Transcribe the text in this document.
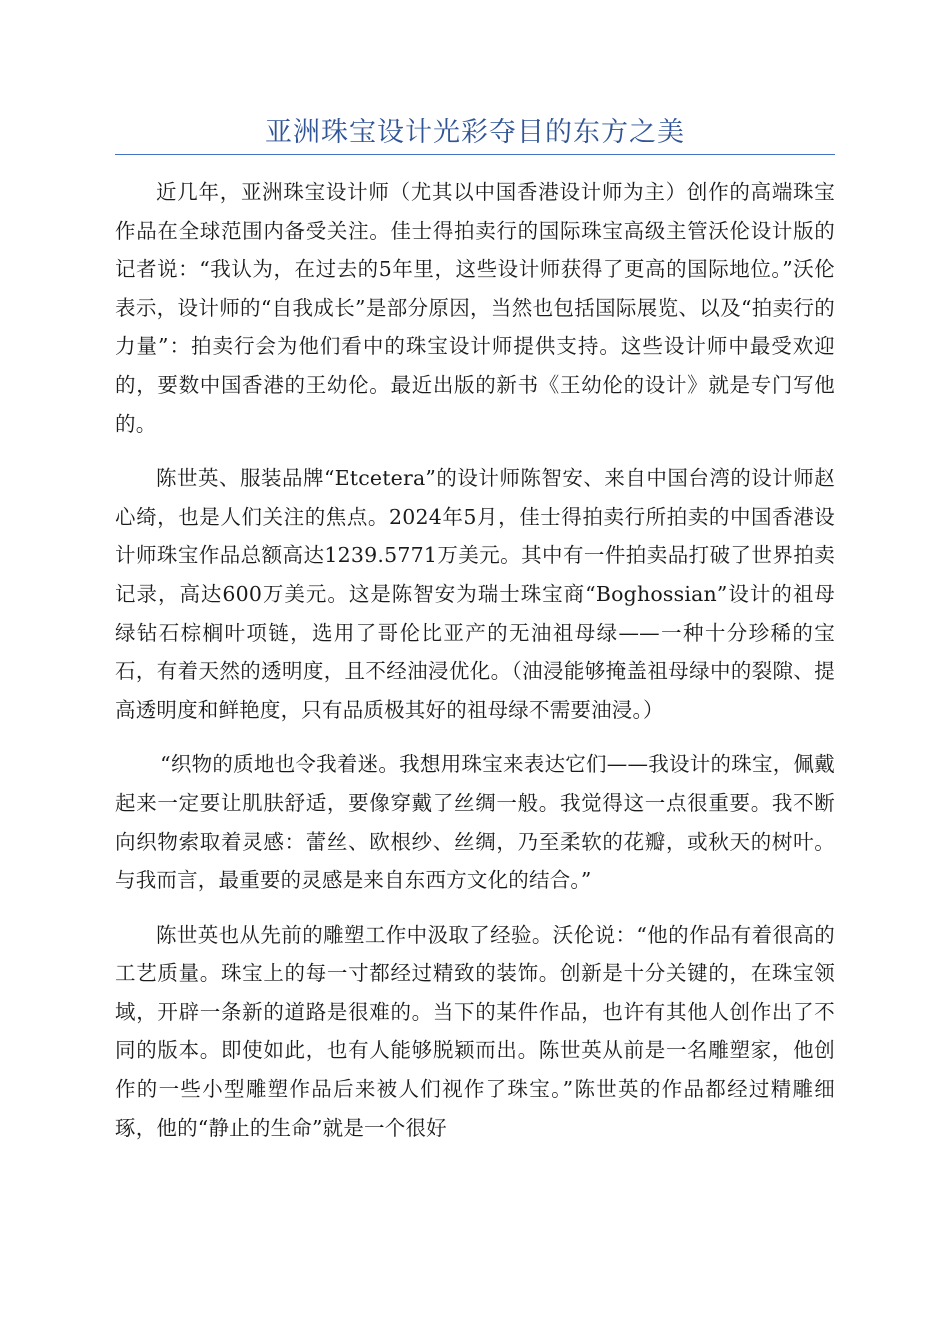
亚洲珠宝设计光彩夺目的东方之美

近几年，亚洲珠宝设计师（尤其以中国香港设计师为主）创作的高端珠宝作品在全球范围内备受关注。佳士得拍卖行的国际珠宝高级主管沃伦设计版的记者说：“我认为，在过去的5年里，这些设计师获得了更高的国际地位。”沃伦表示，设计师的“自我成长”是部分原因，当然也包括国际展览、以及“拍卖行的力量”：拍卖行会为他们看中的珠宝设计师提供支持。这些设计师中最受欢迎的，要数中国香港的王幼伦。最近出版的新书《王幼伦的设计》就是专门写他的。

陈世英、服装品牌“Etcetera”的设计师陈智安、来自中国台湾的设计师赵心绮，也是人们关注的焦点。2024年5月，佳士得拍卖行所拍卖的中国香港设计师珠宝作品总额高达1239.5771万美元。其中有一件拍卖品打破了世界拍卖记录，高达600万美元。这是陈智安为瑞士珠宝商“Boghossian”设计的祖母绿钻石棕榈叶项链，选用了哥伦比亚产的无油祖母绿——一种十分珍稀的宝石，有着天然的透明度，且不经油浸优化。（油浸能够掩盖祖母绿中的裂隙、提高透明度和鲜艳度，只有品质极其好的祖母绿不需要油浸。）

“织物的质地也令我着迷。我想用珠宝来表达它们——我设计的珠宝，佩戴起来一定要让肌肤舒适，要像穿戴了丝绸一般。我觉得这一点很重要。我不断向织物索取着灵感：蕾丝、欧根纱、丝绸，乃至柔软的花瓣，或秋天的树叶。与我而言，最重要的灵感是来自东西方文化的结合。”

陈世英也从先前的雕塑工作中汲取了经验。沃伦说：“他的作品有着很高的工艺质量。珠宝上的每一寸都经过精致的装饰。创新是十分关键的，在珠宝领域，开辟一条新的道路是很难的。当下的某件作品，也许有其他人创作出了不同的版本。即使如此，也有人能够脱颖而出。陈世英从前是一名雕塑家，他创作的一些小型雕塑作品后来被人们视作了珠宝。”陈世英的作品都经过精雕细琢，他的“静止的生命”就是一个很好
